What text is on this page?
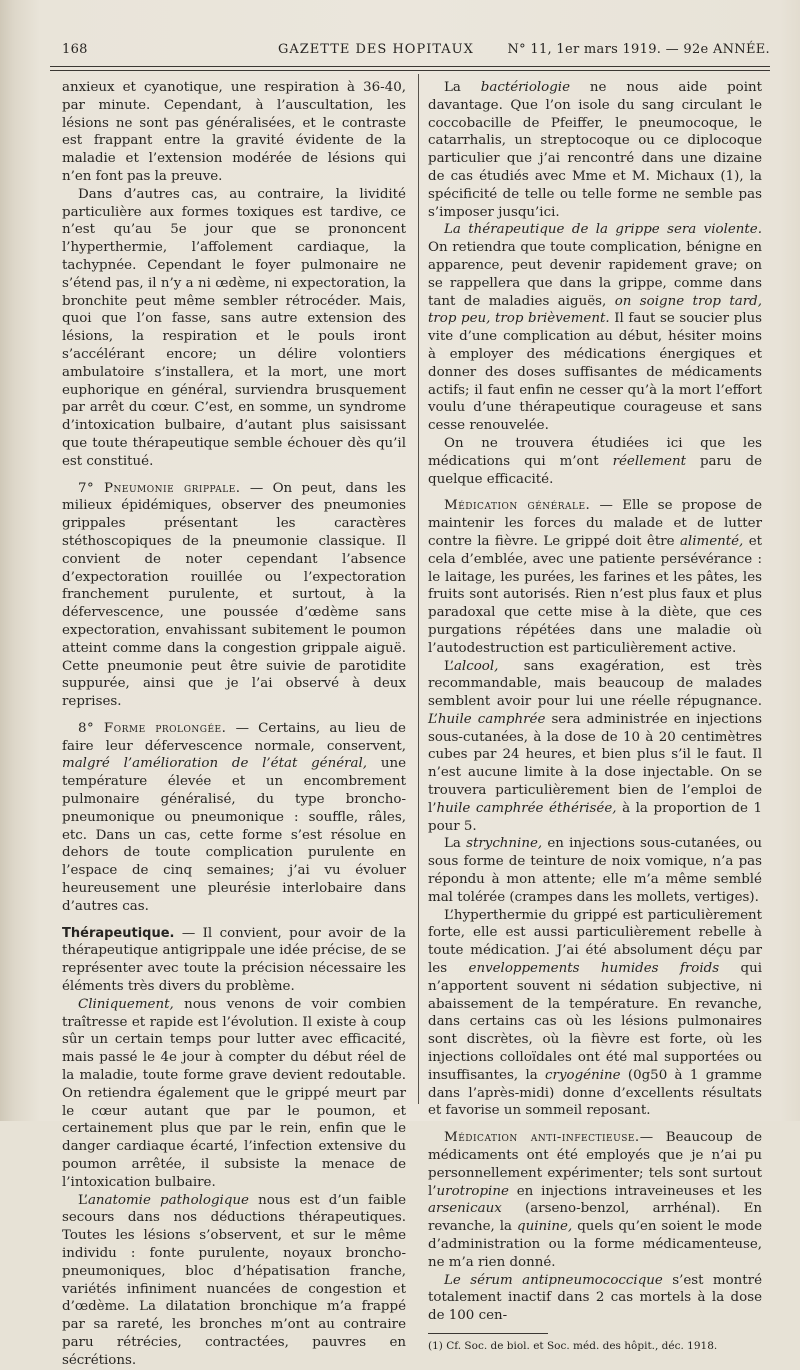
168	GAZETTE DES HOPITAUX	N° 11, 1er mars 1919. — 92e ANNÉE.

anxieux et cyanotique, une respiration à 36-40, par minute. Cependant, à l’auscultation, les lésions ne sont pas généralisées, et le contraste est frappant entre la gravité évidente de la maladie et l’extension modérée de lésions qui n’en font pas la preuve.

Dans d’autres cas, au contraire, la lividité particulière aux formes toxiques est tardive, ce n’est qu’au 5e jour que se prononcent l’hyperthermie, l’affolement cardiaque, la tachypnée. Cependant le foyer pulmonaire ne s’étend pas, il n’y a ni œdème, ni expectoration, la bronchite peut même sembler rétrocéder. Mais, quoi que l’on fasse, sans autre extension des lésions, la respiration et le pouls iront s’accélérant encore; un délire volontiers ambulatoire s’installera, et la mort, une mort euphorique en général, surviendra brusquement par arrêt du cœur. C’est, en somme, un syndrome d’intoxication bulbaire, d’autant plus saisissant que toute thérapeutique semble échouer dès qu’il est constitué.

7° Pneumonie grippale. — On peut, dans les milieux épidémiques, observer des pneumonies grippales présentant les caractères stéthoscopiques de la pneumonie classique. Il convient de noter cependant l’absence d’expectoration rouillée ou l’expectoration franchement purulente, et surtout, à la défervescence, une poussée d’œdème sans expectoration, envahissant subitement le poumon atteint comme dans la congestion grippale aiguë. Cette pneumonie peut être suivie de parotidite suppurée, ainsi que je l’ai observé à deux reprises.

8° Forme prolongée. — Certains, au lieu de faire leur défervescence normale, conservent, malgré l’amélioration de l’état général, une température élevée et un encombrement pulmonaire généralisé, du type broncho-pneumonique ou pneumonique : souffle, râles, etc. Dans un cas, cette forme s’est résolue en dehors de toute complication purulente en l’espace de cinq semaines; j’ai vu évoluer heureusement une pleurésie interlobaire dans d’autres cas.

Thérapeutique. — Il convient, pour avoir de la thérapeutique antigrippale une idée précise, de se représenter avec toute la précision nécessaire les éléments très divers du problème.

Cliniquement, nous venons de voir combien traîtresse et rapide est l’évolution. Il existe à coup sûr un certain temps pour lutter avec efficacité, mais passé le 4e jour à compter du début réel de la maladie, toute forme grave devient redoutable. On retiendra également que le grippé meurt par le cœur autant que par le poumon, et certainement plus que par le rein, enfin que le danger cardiaque écarté, l’infection extensive du poumon arrêtée, il subsiste la menace de l’intoxication bulbaire.

L’anatomie pathologique nous est d’un faible secours dans nos déductions thérapeutiques. Toutes les lésions s’observent, et sur le même individu : fonte purulente, noyaux broncho-pneumoniques, bloc d’hépatisation franche, variétés infiniment nuancées de congestion et d’œdème. La dilatation bronchique m’a frappé par sa rareté, les bronches m’ont au contraire paru rétrécies, contractées, pauvres en sécrétions.

La bactériologie ne nous aide point davantage. Que l’on isole du sang circulant le coccobacille de Pfeiffer, le pneumocoque, le catarrhalis, un streptocoque ou ce diplocoque particulier que j’ai rencontré dans une dizaine de cas étudiés avec Mme et M. Michaux (1), la spécificité de telle ou telle forme ne semble pas s’imposer jusqu’ici.

La thérapeutique de la grippe sera violente. On retiendra que toute complication, bénigne en apparence, peut devenir rapidement grave; on se rappellera que dans la grippe, comme dans tant de maladies aiguës, on soigne trop tard, trop peu, trop brièvement. Il faut se soucier plus vite d’une complication au début, hésiter moins à employer des médications énergiques et donner des doses suffisantes de médicaments actifs; il faut enfin ne cesser qu’à la mort l’effort voulu d’une thérapeutique courageuse et sans cesse renouvelée.

On ne trouvera étudiées ici que les médications qui m’ont réellement paru de quelque efficacité.

Médication générale. — Elle se propose de maintenir les forces du malade et de lutter contre la fièvre. Le grippé doit être alimenté, et cela d’emblée, avec une patiente persévérance : le laitage, les purées, les farines et les pâtes, les fruits sont autorisés. Rien n’est plus faux et plus paradoxal que cette mise à la diète, que ces purgations répétées dans une maladie où l’autodestruction est particulièrement active.

L’alcool, sans exagération, est très recommandable, mais beaucoup de malades semblent avoir pour lui une réelle répugnance. L’huile camphrée sera administrée en injections sous-cutanées, à la dose de 10 à 20 centimètres cubes par 24 heures, et bien plus s’il le faut. Il n’est aucune limite à la dose injectable. On se trouvera particulièrement bien de l’emploi de l’huile camphrée éthérisée, à la proportion de 1 pour 5.

La strychnine, en injections sous-cutanées, ou sous forme de teinture de noix vomique, n’a pas répondu à mon attente; elle m’a même semblé mal tolérée (crampes dans les mollets, vertiges).

L’hyperthermie du grippé est particulièrement forte, elle est aussi particulièrement rebelle à toute médication. J’ai été absolument déçu par les enveloppements humides froids qui n’apportent souvent ni sédation subjective, ni abaissement de la température. En revanche, dans certains cas où les lésions pulmonaires sont discrètes, où la fièvre est forte, où les injections colloïdales ont été mal supportées ou insuffisantes, la cryogénine (0g50 à 1 gramme dans l’après-midi) donne d’excellents résultats et favorise un sommeil reposant.

Médication anti-infectieuse.— Beaucoup de médicaments ont été employés que je n’ai pu personnellement expérimenter; tels sont surtout l’urotropine en injections intraveineuses et les arsenicaux (arseno-benzol, arrhénal). En revanche, la quinine, quels qu’en soient le mode d’administration ou la forme médicamenteuse, ne m’a rien donné.

Le sérum antipneumococcique s’est montré totalement inactif dans 2 cas mortels à la dose de 100 cen-

(1) Cf. Soc. de biol. et Soc. méd. des hôpit., déc. 1918.
